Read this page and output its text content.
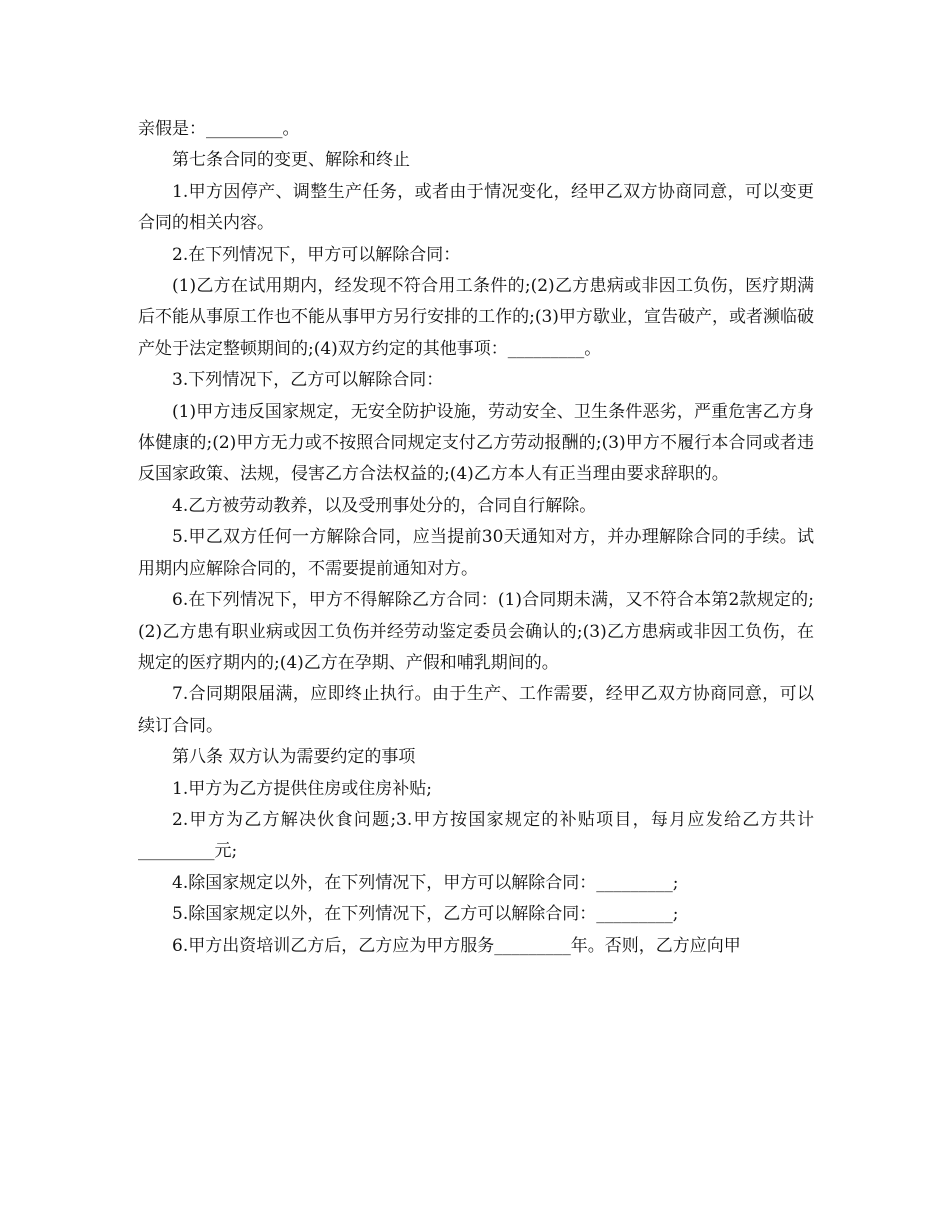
亲假是：_________。

第七条合同的变更、解除和终止

1.甲方因停产、调整生产任务，或者由于情况变化，经甲乙双方协商同意，可以变更合同的相关内容。

2.在下列情况下，甲方可以解除合同：

(1)乙方在试用期内，经发现不符合用工条件的;(2)乙方患病或非因工负伤，医疗期满后不能从事原工作也不能从事甲方另行安排的工作的;(3)甲方歇业，宣告破产，或者濒临破产处于法定整顿期间的;(4)双方约定的其他事项：_________。

3.下列情况下，乙方可以解除合同：

(1)甲方违反国家规定，无安全防护设施，劳动安全、卫生条件恶劣，严重危害乙方身体健康的;(2)甲方无力或不按照合同规定支付乙方劳动报酬的;(3)甲方不履行本合同或者违反国家政策、法规，侵害乙方合法权益的;(4)乙方本人有正当理由要求辞职的。

4.乙方被劳动教养，以及受刑事处分的，合同自行解除。

5.甲乙双方任何一方解除合同，应当提前30天通知对方，并办理解除合同的手续。试用期内应解除合同的，不需要提前通知对方。

6.在下列情况下，甲方不得解除乙方合同：(1)合同期未满，又不符合本第2款规定的;(2)乙方患有职业病或因工负伤并经劳动鉴定委员会确认的;(3)乙方患病或非因工负伤，在规定的医疗期内的;(4)乙方在孕期、产假和哺乳期间的。

7.合同期限届满，应即终止执行。由于生产、工作需要，经甲乙双方协商同意，可以续订合同。

第八条 双方认为需要约定的事项

1.甲方为乙方提供住房或住房补贴;

2.甲方为乙方解决伙食问题;3.甲方按国家规定的补贴项目，每月应发给乙方共计_________元;

4.除国家规定以外，在下列情况下，甲方可以解除合同：_________;

5.除国家规定以外，在下列情况下，乙方可以解除合同：_________;

6.甲方出资培训乙方后，乙方应为甲方服务_________年。否则，乙方应向甲
